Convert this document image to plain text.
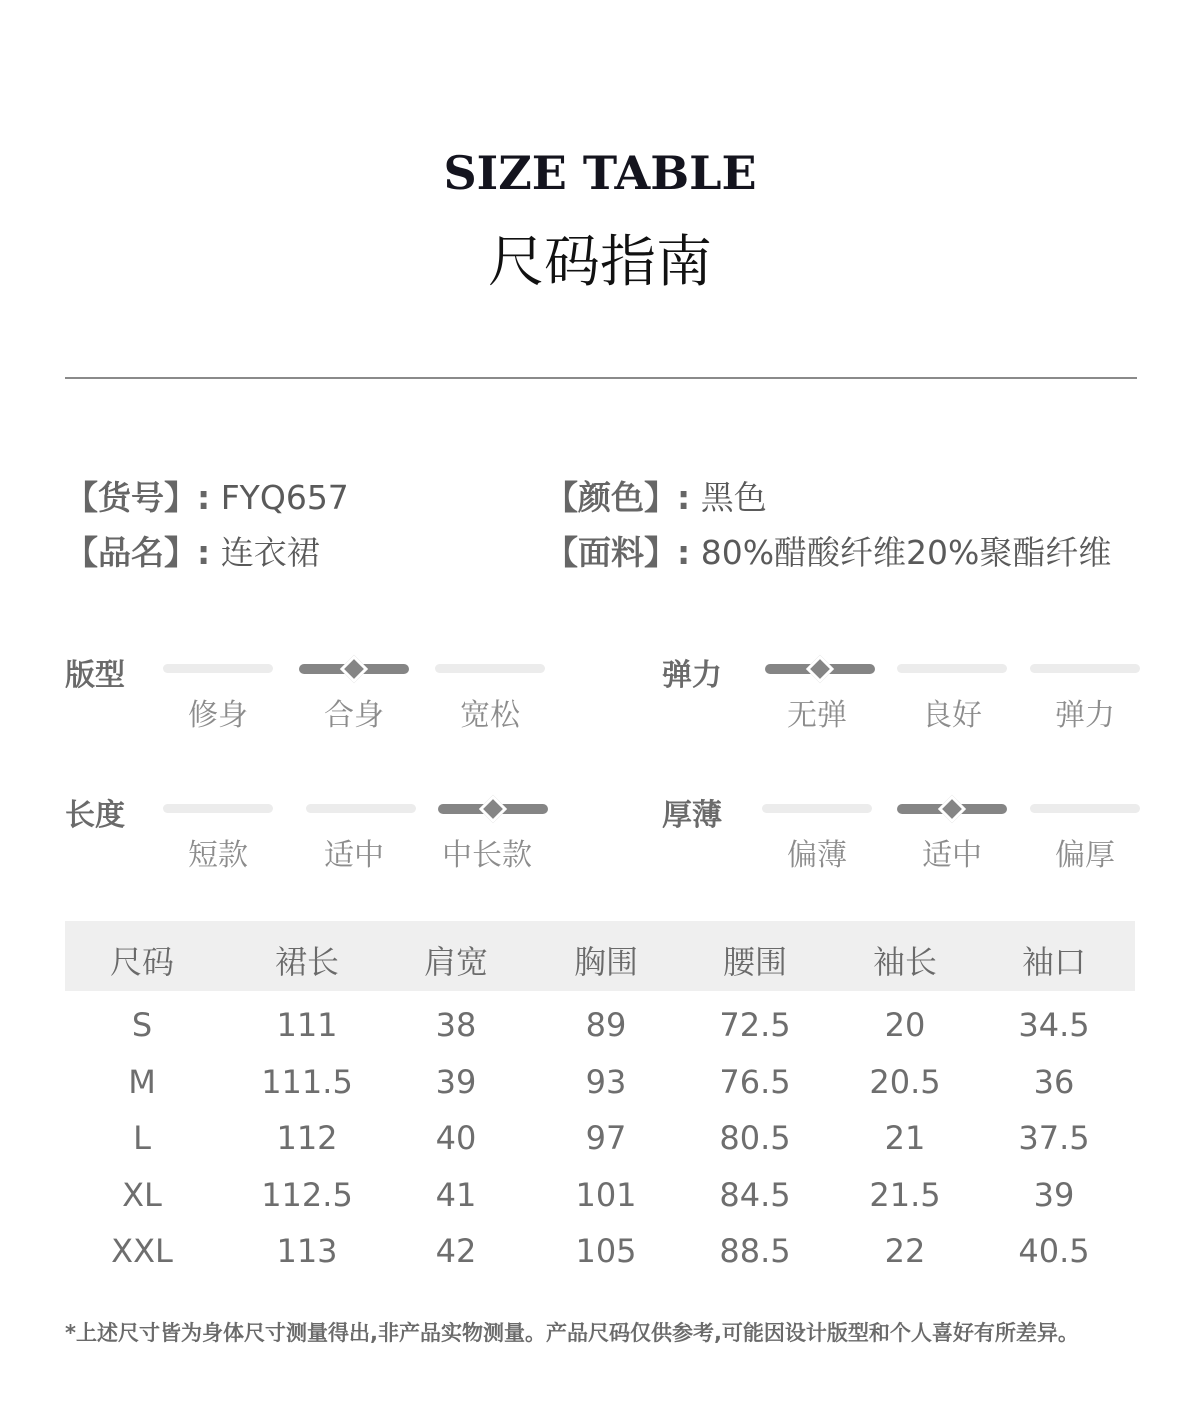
SIZE TABLE
尺码指南
【货号】: FYQ657	【颜色】: 黑色
【品名】: 连衣裙	【面料】: 80%醋酸纤维20%聚酯纤维
版型
修身	合身	宽松
弹力
无弹	良好	弹力
长度
短款	适中	中长款
厚薄
偏薄	适中	偏厚
尺码	裙长	肩宽	胸围	腰围	袖长	袖口
S	111	38	89	72.5	20	34.5
M	111.5	39	93	76.5	20.5	36
L	112	40	97	80.5	21	37.5
XL	112.5	41	101	84.5	21.5	39
XXL	113	42	105	88.5	22	40.5
*上述尺寸皆为身体尺寸测量得出,非产品实物测量。产品尺码仅供参考,可能因设计版型和个人喜好有所差异。
